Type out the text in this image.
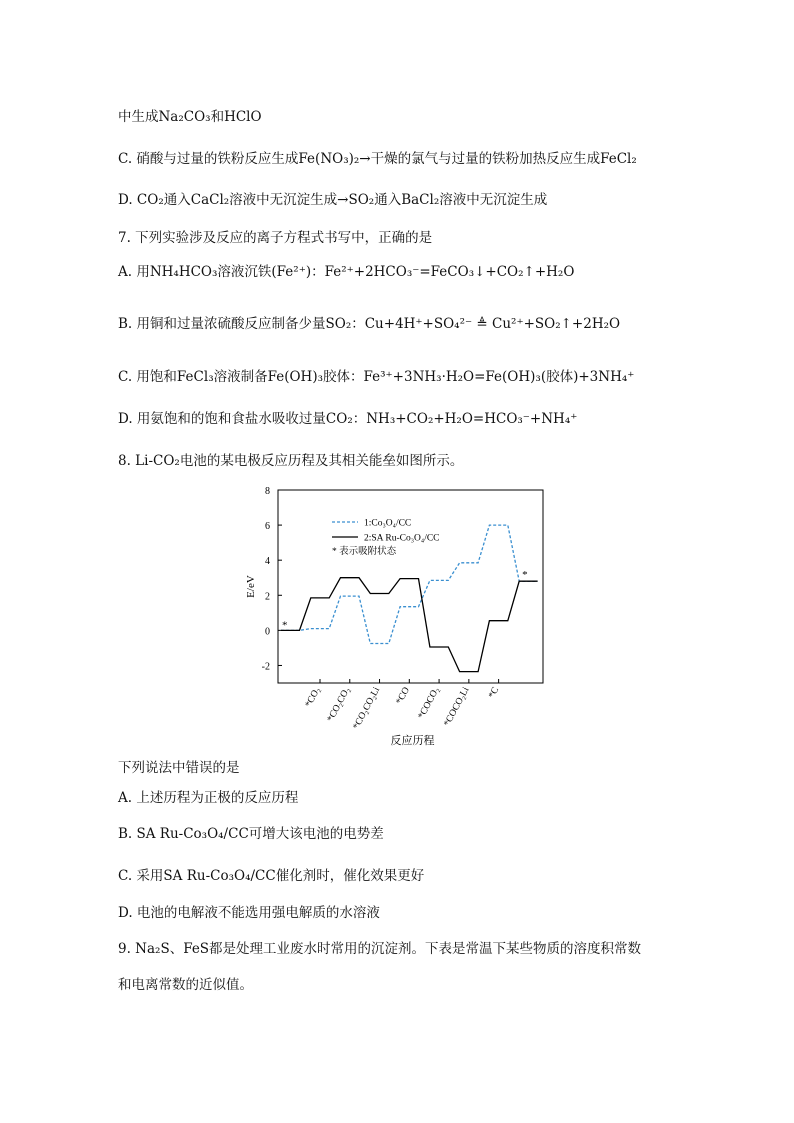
中生成Na₂CO₃和HClO
C. 硝酸与过量的铁粉反应生成Fe(NO₃)₂→干燥的氯气与过量的铁粉加热反应生成FeCl₂
D. CO₂通入CaCl₂溶液中无沉淀生成→SO₂通入BaCl₂溶液中无沉淀生成
7. 下列实验涉及反应的离子方程式书写中，正确的是
A. 用NH₄HCO₃溶液沉铁(Fe²⁺)：Fe²⁺+2HCO₃⁻=FeCO₃↓+CO₂↑+H₂O
B. 用铜和过量浓硫酸反应制备少量SO₂：Cu+4H⁺+SO₄²⁻ ≜ Cu²⁺+SO₂↑+2H₂O
C. 用饱和FeCl₃溶液制备Fe(OH)₃胶体：Fe³⁺+3NH₃·H₂O=Fe(OH)₃(胶体)+3NH₄⁺
D. 用氨饱和的饱和食盐水吸收过量CO₂：NH₃+CO₂+H₂O=HCO₃⁻+NH₄⁺
8. Li-CO₂电池的某电极反应历程及其相关能垒如图所示。
-2
0
2
4
6
8
E/eV
*CO₂ *CO₂CO₂ *CO₂CO₂Li *CO *COCO₂ *COCO₂Li *C
反应历程
*
*
1:Co₃O₄/CC
2:SA Ru-Co₃O₄/CC
* 表示吸附状态
下列说法中错误的是
A. 上述历程为正极的反应历程
B. SA Ru-Co₃O₄/CC可增大该电池的电势差
C. 采用SA Ru-Co₃O₄/CC催化剂时，催化效果更好
D. 电池的电解液不能选用强电解质的水溶液
9. Na₂S、FeS都是处理工业废水时常用的沉淀剂。下表是常温下某些物质的溶度积常数
和电离常数的近似值。
